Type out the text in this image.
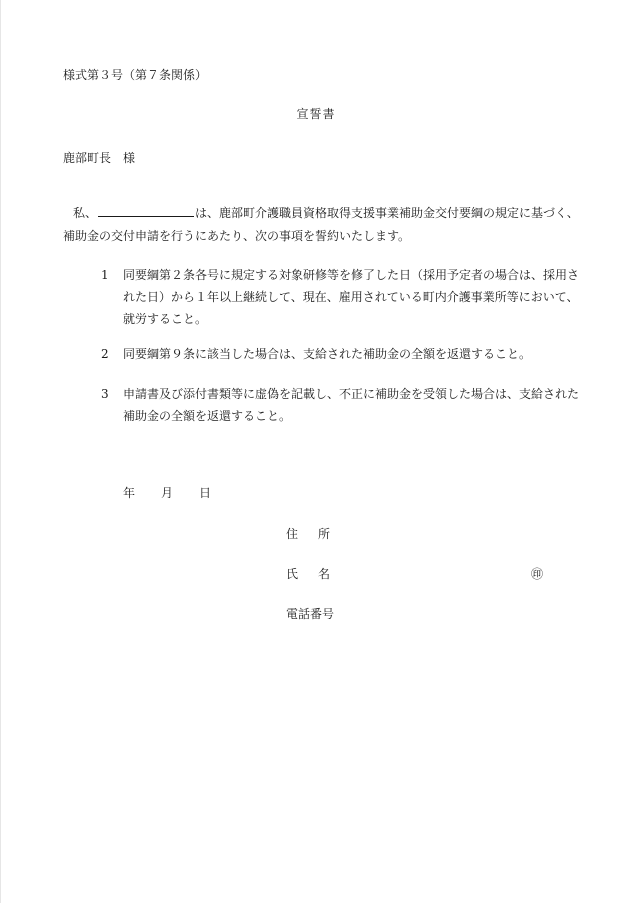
様式第３号（第７条関係）
宣誓書
鹿部町長 様
私、	は、鹿部町介護職員資格取得支援事業補助金交付要綱の規定に基づく、
補助金の交付申請を行うにあたり、次の事項を誓約いたします。
1 同要綱第２条各号に規定する対象研修等を修了した日（採用予定者の場合は、採用された日）から１年以上継続して、現在、雇用されている町内介護事業所等において、就労すること。
2 同要綱第９条に該当した場合は、支給された補助金の全額を返還すること。
3 申請書及び添付書類等に虚偽を記載し、不正に補助金を受領した場合は、支給された補助金の全額を返還すること。
年 月 日
住所
氏名	㊞
電話番号
